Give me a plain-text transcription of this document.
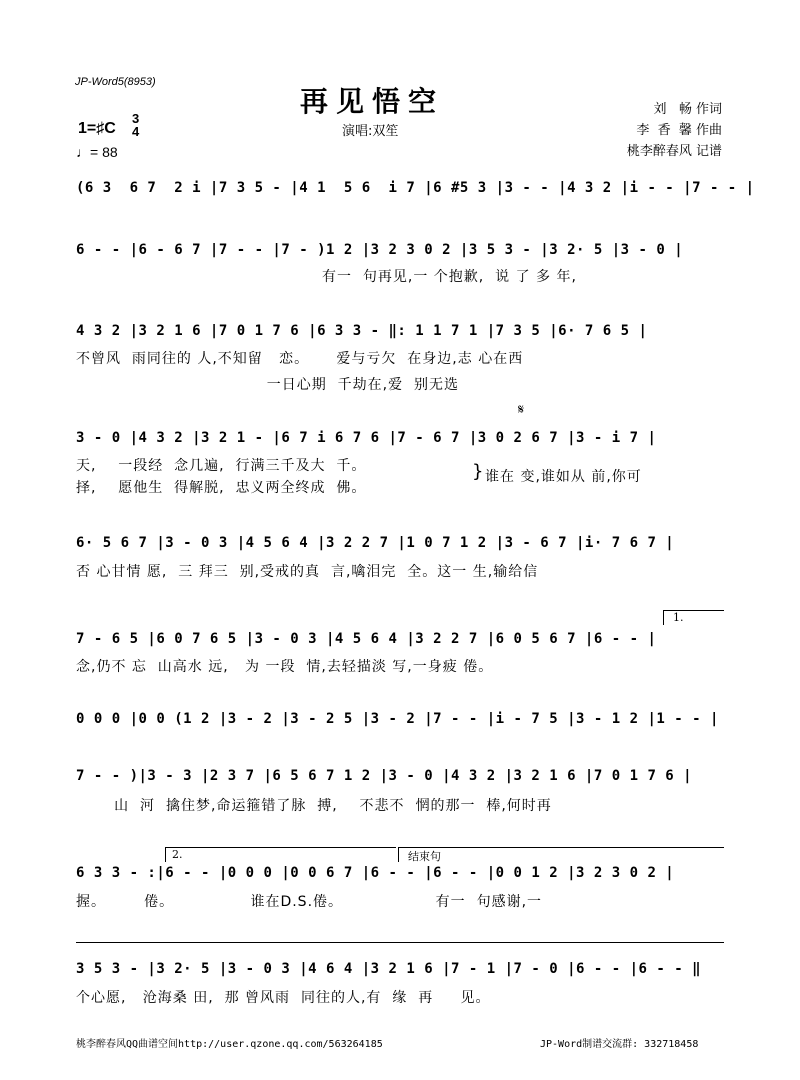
JP-Word5(8953)
再见悟空
演唱:双笙
刘   畅 作词
李  香  馨 作曲
桃李醉春风 记谱
1=♯C
3
4
♩= 88
(6 3  6 7  2 i |7 3 5 - |4 1  5 6  i 7 |6 #5 3 |3 - - |4 3 2 |i - - |7 - - |
6 - - |6 - 6 7 |7 - - |7 - )1 2 |3 2 3 0 2 |3 5 3 - |3 2· 5 |3 - 0 |
有一  句再见,一 个抱歉,  说 了 多 年,
4 3 2 |3 2 1 6 |7 0 1 7 6 |6 3 3 - ‖: 1 1 7 1 |7 3 5 |6· 7 6 5 |
不曾风  雨同往的 人,不知留   恋。     爱与亏欠  在身边,志 心在西
一日心期  千劫在,爱  别无选
𝄋
3 - 0 |4 3 2 |3 2 1 - |6 7 i 6 7 6 |7 - 6 7 |3 0 2 6 7 |3 - i 7 |
天,    一段经  念几遍,  行满三千及大  千。
择,    愿他生  得解脱,  忠义两全终成  佛。
} 谁在 变,谁如从 前,你可
6· 5 6 7 |3 - 0 3 |4 5 6 4 |3 2 2 7 |1 0 7 1 2 |3 - 6 7 |i· 7 6 7 |
否 心甘情 愿,  三 拜三  别,受戒的真  言,噙泪完  全。这一 生,输给信
1.
7 - 6 5 |6 0 7 6 5 |3 - 0 3 |4 5 6 4 |3 2 2 7 |6 0 5 6 7 |6 - - |
念,仍不 忘  山高水 远,   为 一段  情,去轻描淡 写,一身疲 倦。
0 0 0 |0 0 (1 2 |3 - 2 |3 - 2 5 |3 - 2 |7 - - |i - 7 5 |3 - 1 2 |1 - - |
7 - - )|3 - 3 |2 3 7 |6 5 6 7 1 2 |3 - 0 |4 3 2 |3 2 1 6 |7 0 1 7 6 |
山  河  擒住梦,命运箍错了脉  搏,    不悲不  惘的那一  棒,何时再
2.	结束句
6 3 3 - :|6 - - |0 0 0 |0 0 6 7 |6 - - |6 - - |0 0 1 2 |3 2 3 0 2 |
握。       倦。              谁在D.S.倦。                 有一  句感谢,一
3 5 3 - |3 2· 5 |3 - 0 3 |4 6 4 |3 2 1 6 |7 - 1 |7 - 0 |6 - - |6 - - ‖
个心愿,   沧海桑 田,  那 曾风雨  同往的人,有  缘  再     见。
桃李醉春风QQ曲谱空间http://user.qzone.qq.com/563264185	JP-Word制谱交流群: 332718458
